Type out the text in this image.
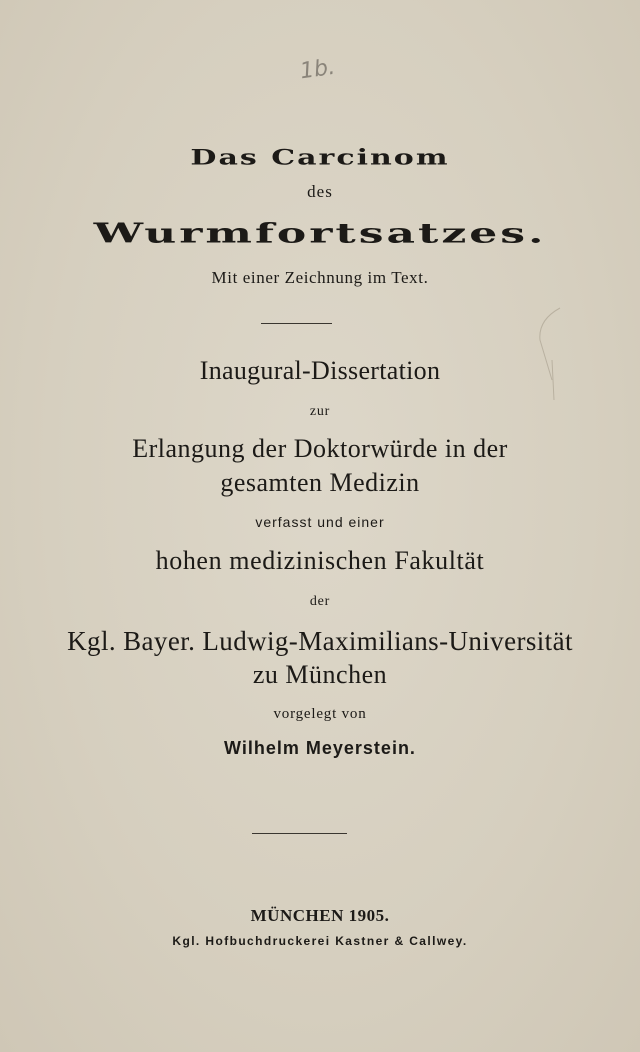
1b.
Das Carcinom
des
Wurmfortsatzes.
Mit einer Zeichnung im Text.
Inaugural-Dissertation
zur
Erlangung der Doktorwürde in der
gesamten Medizin
verfasst und einer
hohen medizinischen Fakultät
der
Kgl. Bayer. Ludwig-Maximilians-Universität
zu München
vorgelegt von
Wilhelm Meyerstein.
MÜNCHEN 1905.
Kgl. Hofbuchdruckerei Kastner & Callwey.
